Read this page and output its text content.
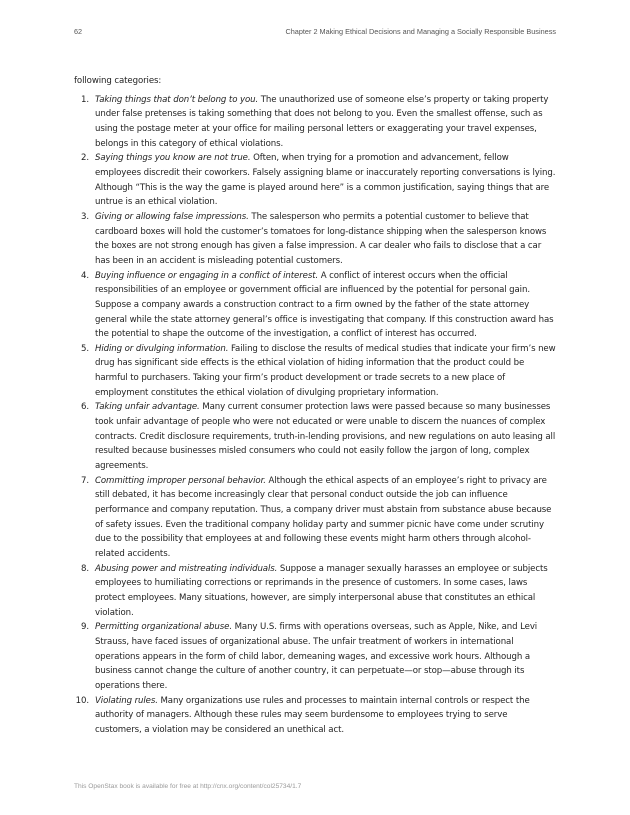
62	Chapter 2 Making Ethical Decisions and Managing a Socially Responsible Business

following categories:

1. Taking things that don’t belong to you. The unauthorized use of someone else’s property or taking property under false pretenses is taking something that does not belong to you. Even the smallest offense, such as using the postage meter at your office for mailing personal letters or exaggerating your travel expenses, belongs in this category of ethical violations.
2. Saying things you know are not true. Often, when trying for a promotion and advancement, fellow employees discredit their coworkers. Falsely assigning blame or inaccurately reporting conversations is lying. Although “This is the way the game is played around here” is a common justification, saying things that are untrue is an ethical violation.
3. Giving or allowing false impressions. The salesperson who permits a potential customer to believe that cardboard boxes will hold the customer’s tomatoes for long-distance shipping when the salesperson knows the boxes are not strong enough has given a false impression. A car dealer who fails to disclose that a car has been in an accident is misleading potential customers.
4. Buying influence or engaging in a conflict of interest. A conflict of interest occurs when the official responsibilities of an employee or government official are influenced by the potential for personal gain. Suppose a company awards a construction contract to a firm owned by the father of the state attorney general while the state attorney general’s office is investigating that company. If this construction award has the potential to shape the outcome of the investigation, a conflict of interest has occurred.
5. Hiding or divulging information. Failing to disclose the results of medical studies that indicate your firm’s new drug has significant side effects is the ethical violation of hiding information that the product could be harmful to purchasers. Taking your firm’s product development or trade secrets to a new place of employment constitutes the ethical violation of divulging proprietary information.
6. Taking unfair advantage. Many current consumer protection laws were passed because so many businesses took unfair advantage of people who were not educated or were unable to discern the nuances of complex contracts. Credit disclosure requirements, truth-in-lending provisions, and new regulations on auto leasing all resulted because businesses misled consumers who could not easily follow the jargon of long, complex agreements.
7. Committing improper personal behavior. Although the ethical aspects of an employee’s right to privacy are still debated, it has become increasingly clear that personal conduct outside the job can influence performance and company reputation. Thus, a company driver must abstain from substance abuse because of safety issues. Even the traditional company holiday party and summer picnic have come under scrutiny due to the possibility that employees at and following these events might harm others through alcohol-related accidents.
8. Abusing power and mistreating individuals. Suppose a manager sexually harasses an employee or subjects employees to humiliating corrections or reprimands in the presence of customers. In some cases, laws protect employees. Many situations, however, are simply interpersonal abuse that constitutes an ethical violation.
9. Permitting organizational abuse. Many U.S. firms with operations overseas, such as Apple, Nike, and Levi Strauss, have faced issues of organizational abuse. The unfair treatment of workers in international operations appears in the form of child labor, demeaning wages, and excessive work hours. Although a business cannot change the culture of another country, it can perpetuate—or stop—abuse through its operations there.
10. Violating rules. Many organizations use rules and processes to maintain internal controls or respect the authority of managers. Although these rules may seem burdensome to employees trying to serve customers, a violation may be considered an unethical act.
This OpenStax book is available for free at http://cnx.org/content/col25734/1.7
